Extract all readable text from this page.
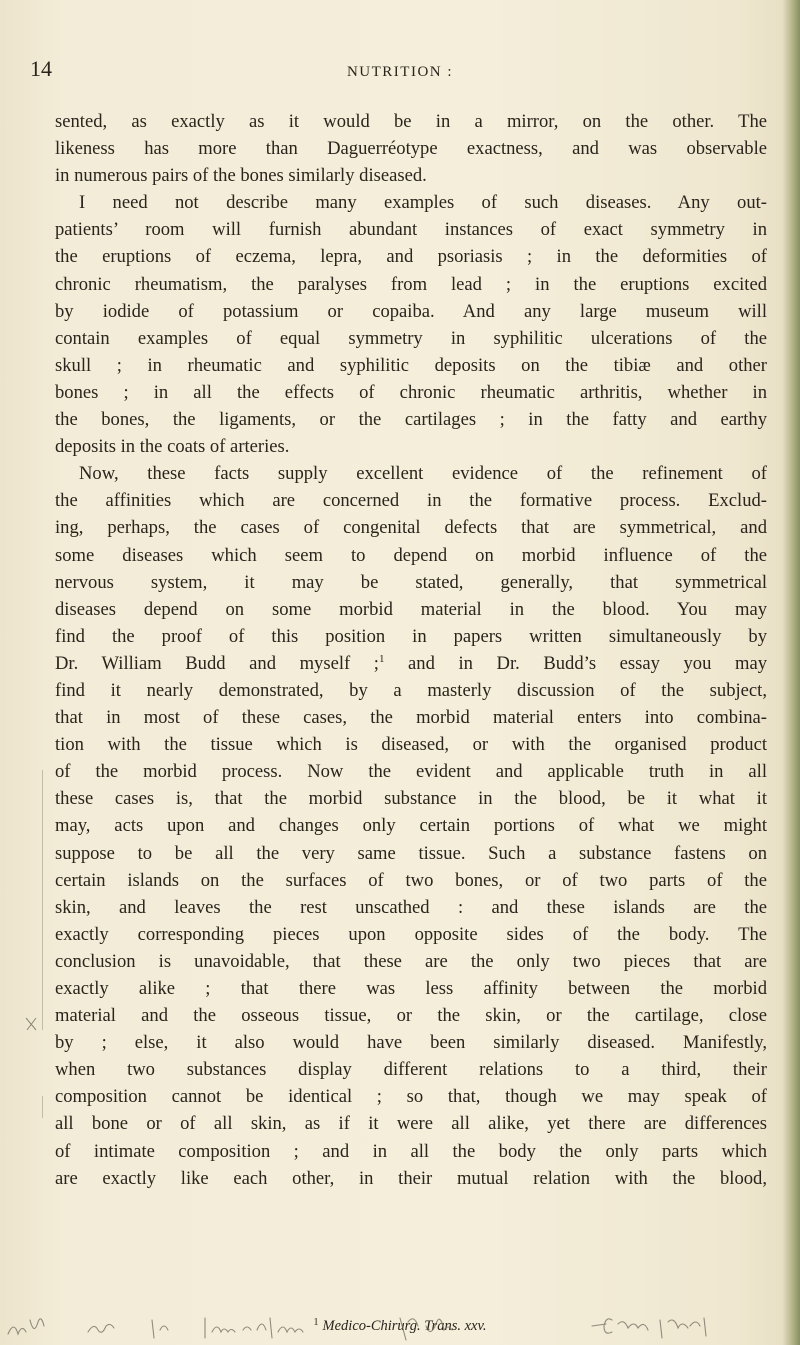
14	NUTRITION :
sented, as exactly as it would be in a mirror, on the other. The
likeness has more than Daguerréotype exactness, and was observable
in numerous pairs of the bones similarly diseased.
I need not describe many examples of such diseases. Any out-
patients’ room will furnish abundant instances of exact symmetry in
the eruptions of eczema, lepra, and psoriasis ; in the deformities of
chronic rheumatism, the paralyses from lead ; in the eruptions excited
by iodide of potassium or copaiba. And any large museum will
contain examples of equal symmetry in syphilitic ulcerations of the
skull ; in rheumatic and syphilitic deposits on the tibiæ and other
bones ; in all the effects of chronic rheumatic arthritis, whether in
the bones, the ligaments, or the cartilages ; in the fatty and earthy
deposits in the coats of arteries.
Now, these facts supply excellent evidence of the refinement of
the affinities which are concerned in the formative process. Exclud-
ing, perhaps, the cases of congenital defects that are symmetrical, and
some diseases which seem to depend on morbid influence of the
nervous system, it may be stated, generally, that symmetrical
diseases depend on some morbid material in the blood. You may
find the proof of this position in papers written simultaneously by
Dr. William Budd and myself ;$^1$ and in Dr. Budd’s essay you may
find it nearly demonstrated, by a masterly discussion of the subject,
that in most of these cases, the morbid material enters into combina-
tion with the tissue which is diseased, or with the organised product
of the morbid process. Now the evident and applicable truth in all
these cases is, that the morbid substance in the blood, be it what it
may, acts upon and changes only certain portions of what we might
suppose to be all the very same tissue. Such a substance fastens on
certain islands on the surfaces of two bones, or of two parts of the
skin, and leaves the rest unscathed : and these islands are the
exactly corresponding pieces upon opposite sides of the body. The
conclusion is unavoidable, that these are the only two pieces that are
exactly alike ; that there was less affinity between the morbid
material and the osseous tissue, or the skin, or the cartilage, close
by ; else, it also would have been similarly diseased. Manifestly,
when two substances display different relations to a third, their
composition cannot be identical ; so that, though we may speak of
all bone or of all skin, as if it were all alike, yet there are differences
of intimate composition ; and in all the body the only parts which
are exactly like each other, in their mutual relation with the blood,
$^1$ Medico-Chirurg. Trans. xxv.
